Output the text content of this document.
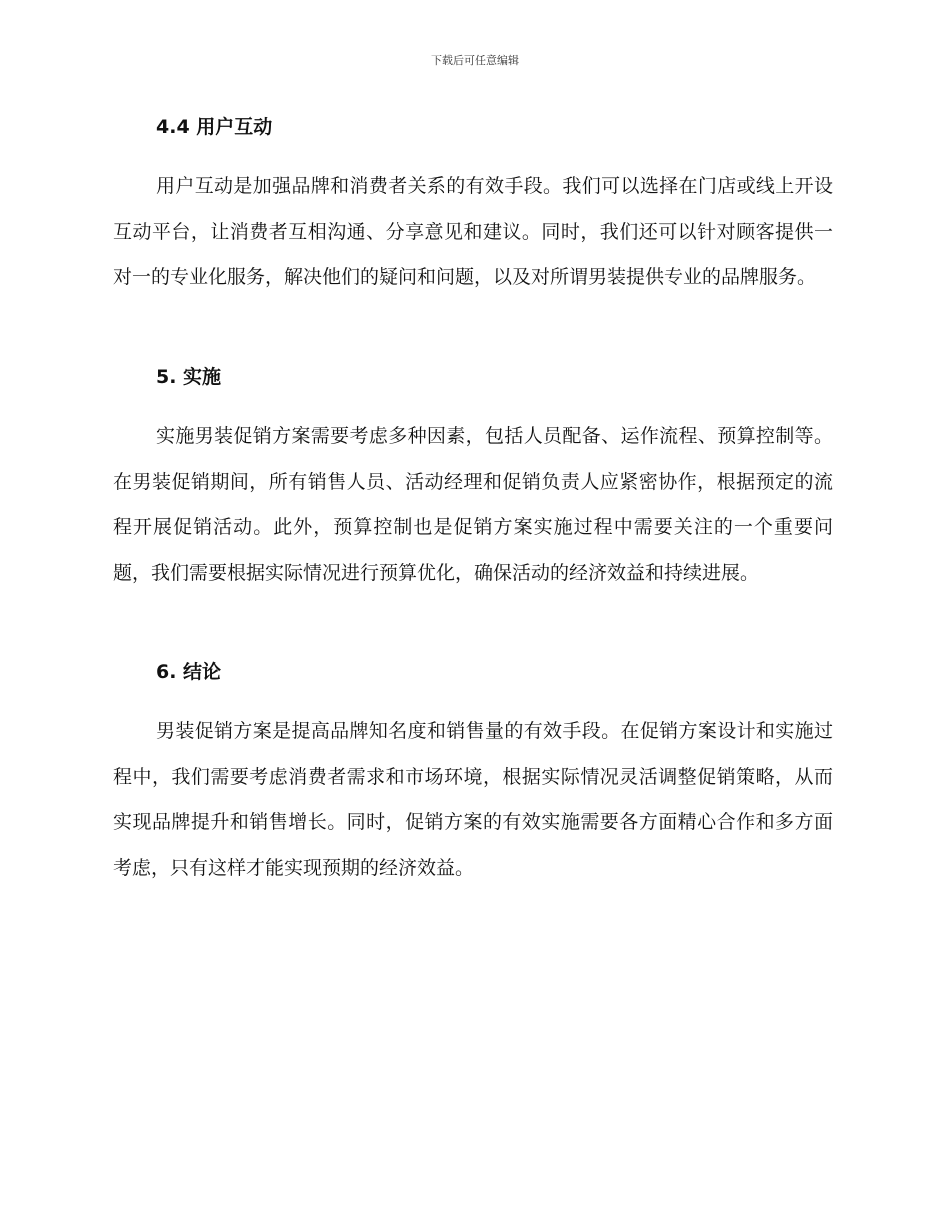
下载后可任意编辑
4.4 用户互动

用户互动是加强品牌和消费者关系的有效手段。我们可以选择在门店或线上开设互动平台，让消费者互相沟通、分享意见和建议。同时，我们还可以针对顾客提供一对一的专业化服务，解决他们的疑问和问题，以及对所谓男装提供专业的品牌服务。

5. 实施

实施男装促销方案需要考虑多种因素，包括人员配备、运作流程、预算控制等。在男装促销期间，所有销售人员、活动经理和促销负责人应紧密协作，根据预定的流程开展促销活动。此外，预算控制也是促销方案实施过程中需要关注的一个重要问题，我们需要根据实际情况进行预算优化，确保活动的经济效益和持续进展。

6. 结论

男装促销方案是提高品牌知名度和销售量的有效手段。在促销方案设计和实施过程中，我们需要考虑消费者需求和市场环境，根据实际情况灵活调整促销策略，从而实现品牌提升和销售增长。同时，促销方案的有效实施需要各方面精心合作和多方面考虑，只有这样才能实现预期的经济效益。
